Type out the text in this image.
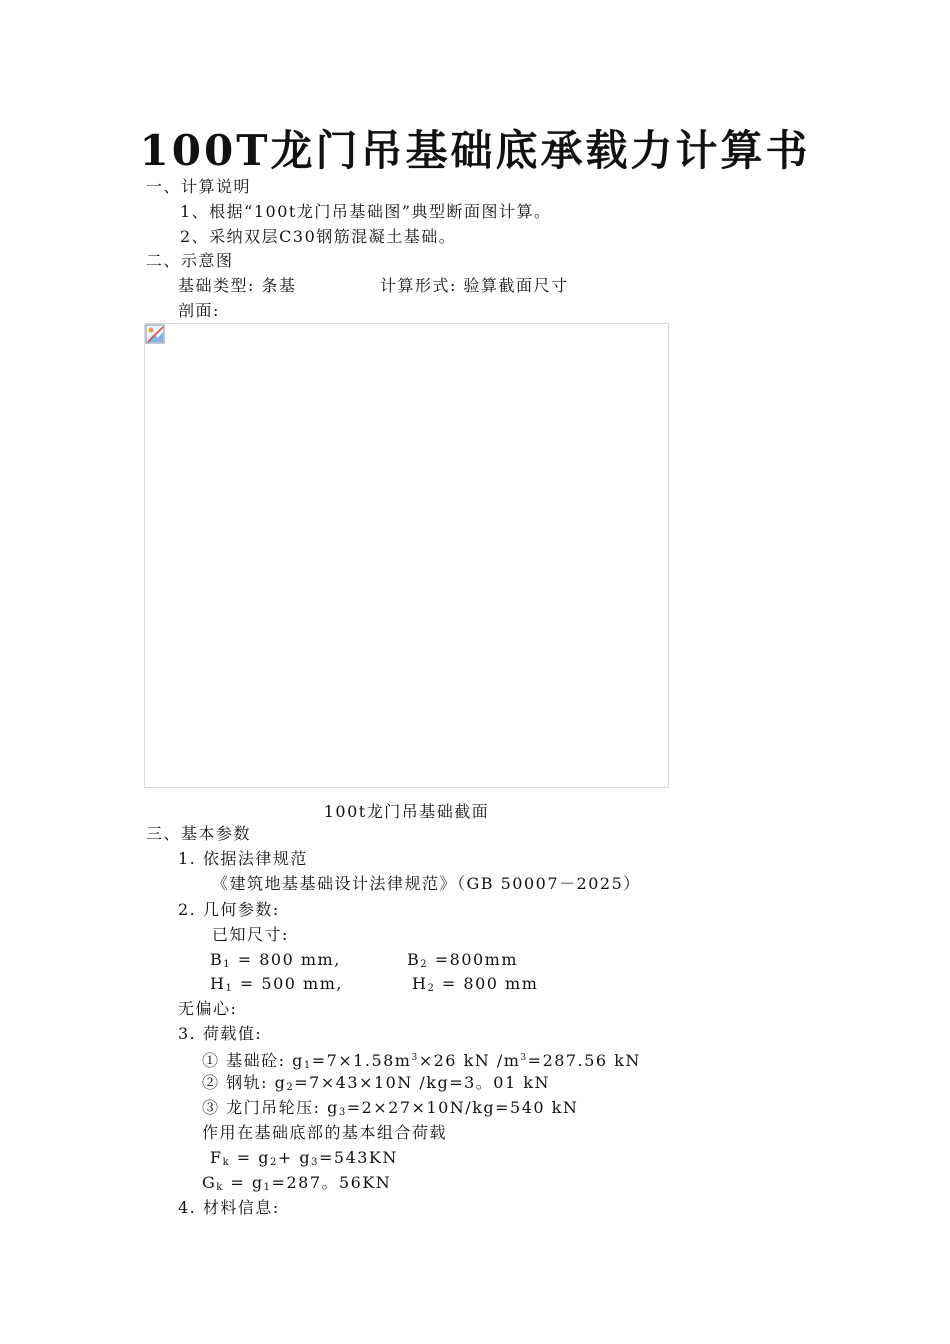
100T龙门吊基础底承载力计算书
一、计算说明
1、根据“100t龙门吊基础图”典型断面图计算。
2、采纳双层C30钢筋混凝土基础。
二、示意图
基础类型: 条基	计算形式: 验算截面尺寸
剖面:
100t龙门吊基础截面
三、基本参数
1. 依据法律规范
《建筑地基基础设计法律规范》（GB 50007－2025）
2. 几何参数:
已知尺寸:
$B_1 = 800$ mm,	$B_2 =800mm$
$H_1 = 500$ mm,	$H_2 = 800$ mm
无偏心:
3. 荷载值:
① 基础砼: $g_1=7\times 1.58m^3\times 26$ kN $/m^3=287.56$ kN
② 钢轨: $g_2=7\times 43\times 10N$ /kg=3。01 kN
③ 龙门吊轮压: $g_3=2\times 27\times 10N/kg=540$ kN
作用在基础底部的基本组合荷载
$F_k = g_2+ g_3=543KN$
$G_k = g_1=287$。56KN
4. 材料信息:
